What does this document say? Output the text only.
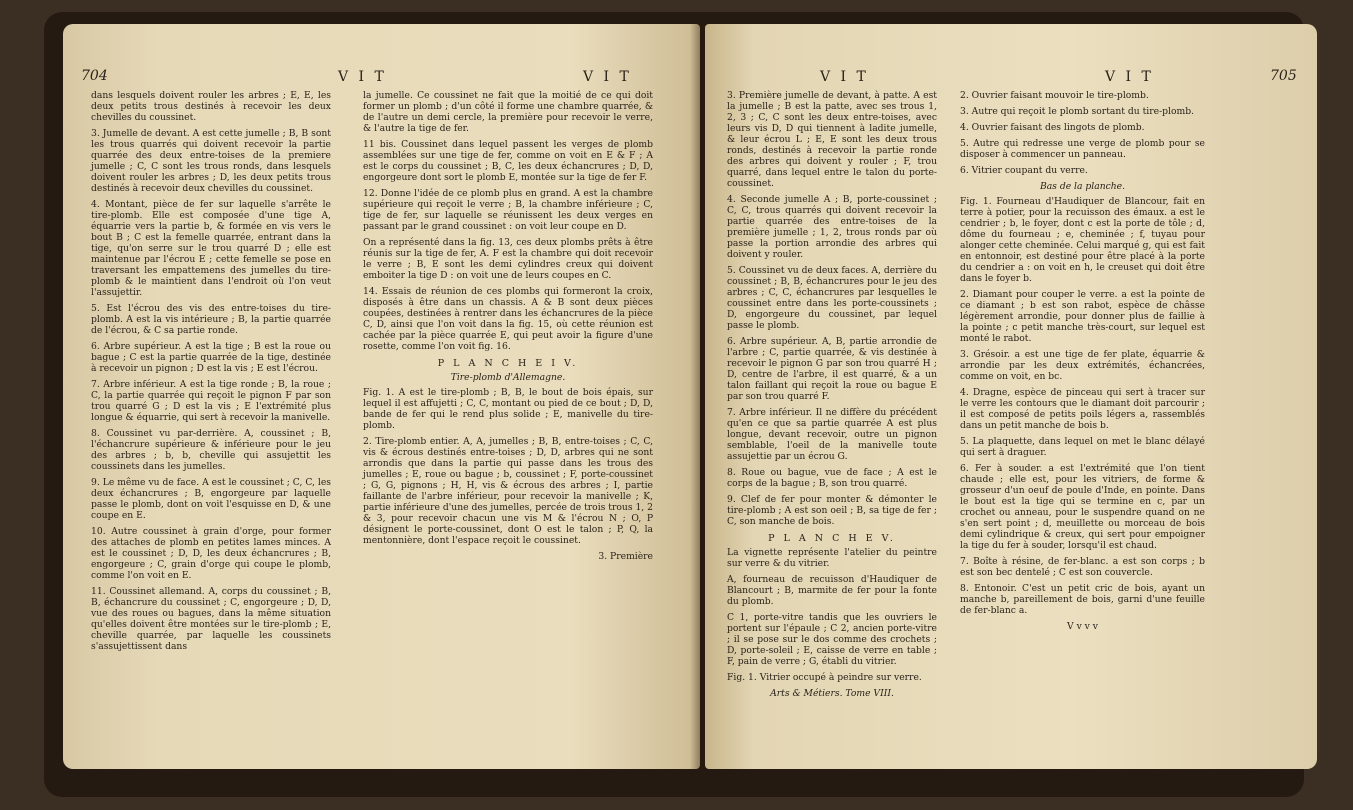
704	V I T	V I T

dans lesquels doivent rouler les arbres ; E, E, les deux petits trous destinés à recevoir les deux chevilles du coussinet.

3. Jumelle de devant. A est cette jumelle ; B, B sont les trous quarrés qui doivent recevoir la partie quarrée des deux entre-toises de la premiere jumelle ; C, C sont les trous ronds, dans lesquels doivent rouler les arbres ; D, les deux petits trous destinés à recevoir deux chevilles du coussinet.

4. Montant, pièce de fer sur laquelle s'arrête le tire-plomb. Elle est composée d'une tige A, équarrie vers la partie b, & formée en vis vers le bout B ; C est la femelle quarrée, entrant dans la tige, qu'on serre sur le trou quarré D ; elle est maintenue par l'écrou E ; cette femelle se pose en traversant les empattemens des jumelles du tire-plomb & le maintient dans l'endroit où l'on veut l'assujettir.

5. Est l'écrou des vis des entre-toises du tire-plomb. A est la vis intérieure ; B, la partie quarrée de l'écrou, & C sa partie ronde.

6. Arbre supérieur. A est la tige ; B est la roue ou bague ; C est la partie quarrée de la tige, destinée à recevoir un pignon ; D est la vis ; E est l'écrou.

7. Arbre inférieur. A est la tige ronde ; B, la roue ; C, la partie quarrée qui reçoit le pignon F par son trou quarré G ; D est la vis ; E l'extrémité plus longue & équarrie, qui sert à recevoir la manivelle.

8. Coussinet vu par-derrière. A, coussinet ; B, l'échancrure supérieure & inférieure pour le jeu des arbres ; b, b, cheville qui assujettit les coussinets dans les jumelles.

9. Le même vu de face. A est le coussinet ; C, C, les deux échancrures ; B, engorgeure par laquelle passe le plomb, dont on voit l'esquisse en D, & une coupe en E.

10. Autre coussinet à grain d'orge, pour former des attaches de plomb en petites lames minces. A est le coussinet ; D, D, les deux échancrures ; B, engorgeure ; C, grain d'orge qui coupe le plomb, comme l'on voit en E.

11. Coussinet allemand. A, corps du coussinet ; B, B, échancrure du coussinet ; C, engorgeure ; D, D, vue des roues ou bagues, dans la même situation qu'elles doivent être montées sur le tire-plomb ; E, cheville quarrée, par laquelle les coussinets s'assujettissent dans

la jumelle. Ce coussinet ne fait que la moitié de ce qui doit former un plomb ; d'un côté il forme une chambre quarrée, & de l'autre un demi cercle, la première pour recevoir le verre, & l'autre la tige de fer.

11 bis. Coussinet dans lequel passent les verges de plomb assemblées sur une tige de fer, comme on voit en E & F ; A est le corps du coussinet ; B, C, les deux échancrures ; D, D, engorgeure dont sort le plomb E, montée sur la tige de fer F.

12. Donne l'idée de ce plomb plus en grand. A est la chambre supérieure qui reçoit le verre ; B, la chambre inférieure ; C, tige de fer, sur laquelle se réunissent les deux verges en passant par le grand coussinet : on voit leur coupe en D.

On a représenté dans la fig. 13, ces deux plombs prêts à être réunis sur la tige de fer, A. F est la chambre qui doit recevoir le verre ; B, E sont les demi cylindres creux qui doivent emboiter la tige D : on voit une de leurs coupes en C.

14. Essais de réunion de ces plombs qui formeront la croix, disposés à être dans un chassis. A & B sont deux pièces coupées, destinées à rentrer dans les échancrures de la pièce C, D, ainsi que l'on voit dans la fig. 15, où cette réunion est cachée par la pièce quarrée E, qui peut avoir la figure d'une rosette, comme l'on voit fig. 16.

P L A N C H E I V.
Tire-plomb d'Allemagne.

Fig. 1. A est le tire-plomb ; B, B, le bout de bois épais, sur lequel il est affujetti ; C, C, montant ou pied de ce bout ; D, D, bande de fer qui le rend plus solide ; E, manivelle du tire-plomb.

2. Tire-plomb entier. A, A, jumelles ; B, B, entre-toises ; C, C, vis & écrous destinés entre-toises ; D, D, arbres qui ne sont arrondis que dans la partie qui passe dans les trous des jumelles ; E, roue ou bague ; b, coussinet ; F, porte-coussinet ; G, G, pignons ; H, H, vis & écrous des arbres ; I, partie faillante de l'arbre inférieur, pour recevoir la manivelle ; K, partie inférieure d'une des jumelles, percée de trois trous 1, 2 & 3, pour recevoir chacun une vis M & l'écrou N ; O, P désignent le porte-coussinet, dont O est le talon ; P, Q, la mentonnière, dont l'espace reçoit le coussinet.

3. Première
V I T	V I T	705

3. Première jumelle de devant, à patte. A est la jumelle ; B est la patte, avec ses trous 1, 2, 3 ; C, C sont les deux entre-toises, avec leurs vis D, D qui tiennent à ladite jumelle, & leur écrou L ; E, E sont les deux trous ronds, destinés à recevoir la partie ronde des arbres qui doivent y rouler ; F, trou quarré, dans lequel entre le talon du porte-coussinet.

4. Seconde jumelle A ; B, porte-coussinet ; C, C, trous quarrés qui doivent recevoir la partie quarrée des entre-toises de la première jumelle ; 1, 2, trous ronds par où passe la portion arrondie des arbres qui doivent y rouler.

5. Coussinet vu de deux faces. A, derrière du coussinet ; B, B, échancrures pour le jeu des arbres ; C, C, échancrures par lesquelles le coussinet entre dans les porte-coussinets ; D, engorgeure du coussinet, par lequel passe le plomb.

6. Arbre supérieur. A, B, partie arrondie de l'arbre ; C, partie quarrée, & vis destinée à recevoir le pignon G par son trou quarré H ; D, centre de l'arbre, il est quarré, & a un talon faillant qui reçoit la roue ou bague E par son trou quarré F.

7. Arbre inférieur. Il ne diffère du précédent qu'en ce que sa partie quarrée A est plus longue, devant recevoir, outre un pignon semblable, l'oeil de la manivelle toute assujettie par un écrou G.

8. Roue ou bague, vue de face ; A est le corps de la bague ; B, son trou quarré.

9. Clef de fer pour monter & démonter le tire-plomb ; A est son oeil ; B, sa tige de fer ; C, son manche de bois.

P L A N C H E V.

La vignette représente l'atelier du peintre sur verre & du vitrier.

A, fourneau de recuisson d'Haudiquer de Blancourt ; B, marmite de fer pour la fonte du plomb.

C 1, porte-vitre tandis que les ouvriers le portent sur l'épaule ; C 2, ancien porte-vitre ; il se pose sur le dos comme des crochets ; D, porte-soleil ; E, caisse de verre en table ; F, pain de verre ; G, établi du vitrier.

Fig. 1. Vitrier occupé à peindre sur verre.

Arts & Métiers. Tome VIII.

2. Ouvrier faisant mouvoir le tire-plomb.

3. Autre qui reçoit le plomb sortant du tire-plomb.

4. Ouvrier faisant des lingots de plomb.

5. Autre qui redresse une verge de plomb pour se disposer à commencer un panneau.

6. Vitrier coupant du verre.

Bas de la planche.

Fig. 1. Fourneau d'Haudiquer de Blancour, fait en terre à potier, pour la recuisson des émaux. a est le cendrier ; b, le foyer, dont c est la porte de tôle ; d, dôme du fourneau ; e, cheminée ; f, tuyau pour alonger cette cheminée. Celui marqué g, qui est fait en entonnoir, est destiné pour être placé à la porte du cendrier a : on voit en h, le creuset qui doit être dans le foyer b.

2. Diamant pour couper le verre. a est la pointe de ce diamant ; b est son rabot, espèce de châsse légèrement arrondie, pour donner plus de faillie à la pointe ; c petit manche très-court, sur lequel est monté le rabot.

3. Grésoir. a est une tige de fer plate, équarrie & arrondie par les deux extrémités, échancrées, comme on voit, en bc.

4. Dragne, espèce de pinceau qui sert à tracer sur le verre les contours que le diamant doit parcourir ; il est composé de petits poils légers a, rassemblés dans un petit manche de bois b.

5. La plaquette, dans lequel on met le blanc délayé qui sert à draguer.

6. Fer à souder. a est l'extrémité que l'on tient chaude ; elle est, pour les vitriers, de forme & grosseur d'un oeuf de poule d'Inde, en pointe. Dans le bout est la tige qui se termine en c, par un crochet ou anneau, pour le suspendre quand on ne s'en sert point ; d, meuillette ou morceau de bois demi cylindrique & creux, qui sert pour empoigner la tige du fer à souder, lorsqu'il est chaud.

7. Boîte à résine, de fer-blanc. a est son corps ; b est son bec dentelé ; C est son couvercle.

8. Entonoir. C'est un petit cric de bois, ayant un manche b, pareillement de bois, garni d'une feuille de fer-blanc a.

V v v v
